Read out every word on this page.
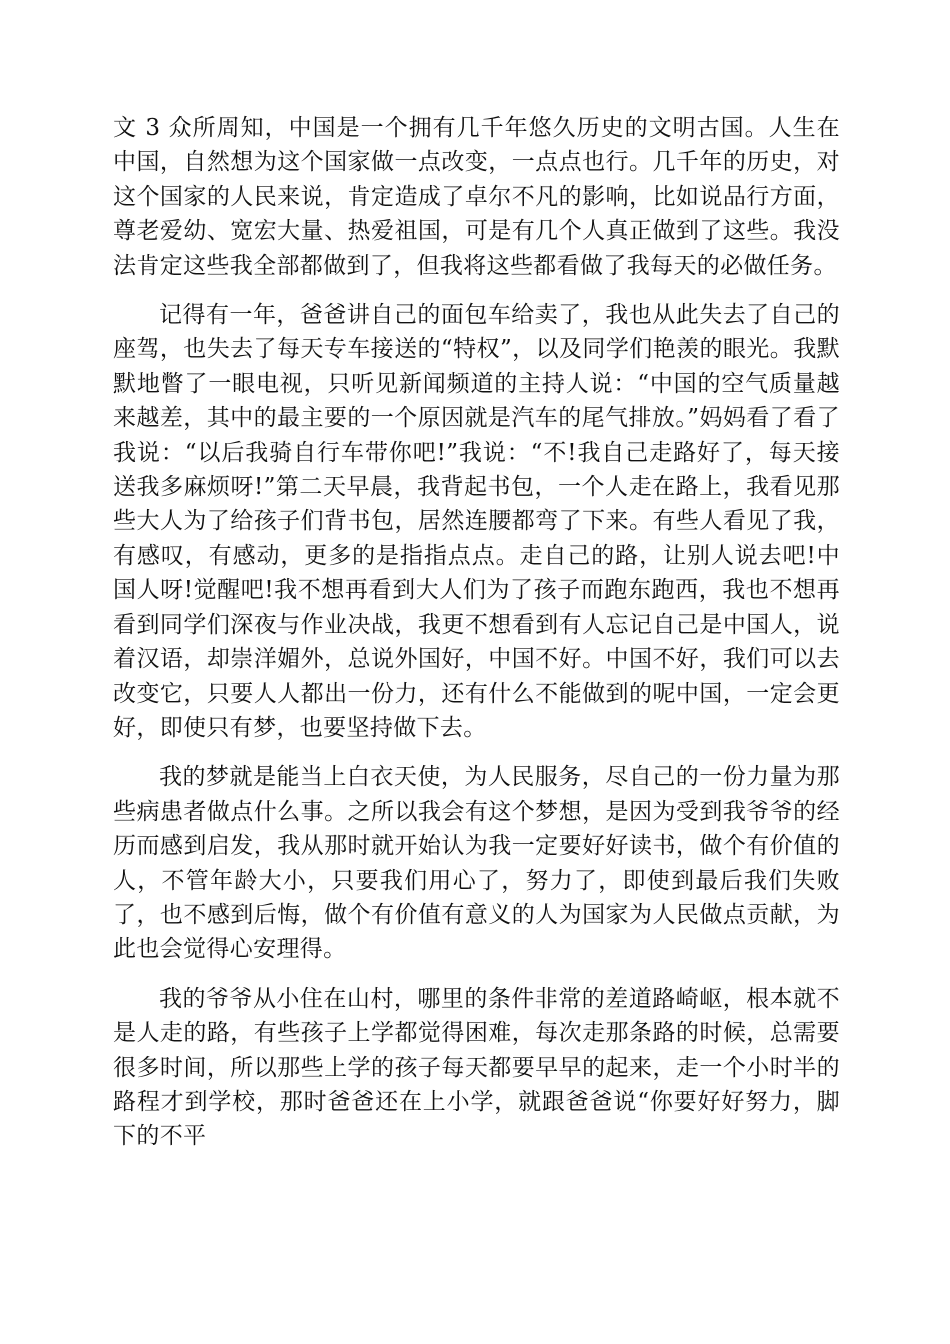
文 3 众所周知，中国是一个拥有几千年悠久历史的文明古国。人生在中国，自然想为这个国家做一点改变，一点点也行。几千年的历史，对这个国家的人民来说，肯定造成了卓尔不凡的影响，比如说品行方面，尊老爱幼、宽宏大量、热爱祖国，可是有几个人真正做到了这些。我没法肯定这些我全部都做到了，但我将这些都看做了我每天的必做任务。

记得有一年，爸爸讲自己的面包车给卖了，我也从此失去了自己的座驾，也失去了每天专车接送的“特权”，以及同学们艳羡的眼光。我默默地瞥了一眼电视，只听见新闻频道的主持人说：“中国的空气质量越来越差，其中的最主要的一个原因就是汽车的尾气排放。”妈妈看了看了我说：“以后我骑自行车带你吧!”我说：“不!我自己走路好了，每天接送我多麻烦呀!”第二天早晨，我背起书包，一个人走在路上，我看见那些大人为了给孩子们背书包，居然连腰都弯了下来。有些人看见了我，有感叹，有感动，更多的是指指点点。走自己的路，让别人说去吧!中国人呀!觉醒吧!我不想再看到大人们为了孩子而跑东跑西，我也不想再看到同学们深夜与作业决战，我更不想看到有人忘记自己是中国人，说着汉语，却崇洋媚外，总说外国好，中国不好。中国不好，我们可以去改变它，只要人人都出一份力，还有什么不能做到的呢中国，一定会更好，即使只有梦，也要坚持做下去。

我的梦就是能当上白衣天使，为人民服务，尽自己的一份力量为那些病患者做点什么事。之所以我会有这个梦想，是因为受到我爷爷的经历而感到启发，我从那时就开始认为我一定要好好读书，做个有价值的人，不管年龄大小，只要我们用心了，努力了，即使到最后我们失败了，也不感到后悔，做个有价值有意义的人为国家为人民做点贡献，为此也会觉得心安理得。

我的爷爷从小住在山村，哪里的条件非常的差道路崎岖，根本就不是人走的路，有些孩子上学都觉得困难，每次走那条路的时候，总需要很多时间，所以那些上学的孩子每天都要早早的起来，走一个小时半的路程才到学校，那时爸爸还在上小学，就跟爸爸说“你要好好努力，脚下的不平
